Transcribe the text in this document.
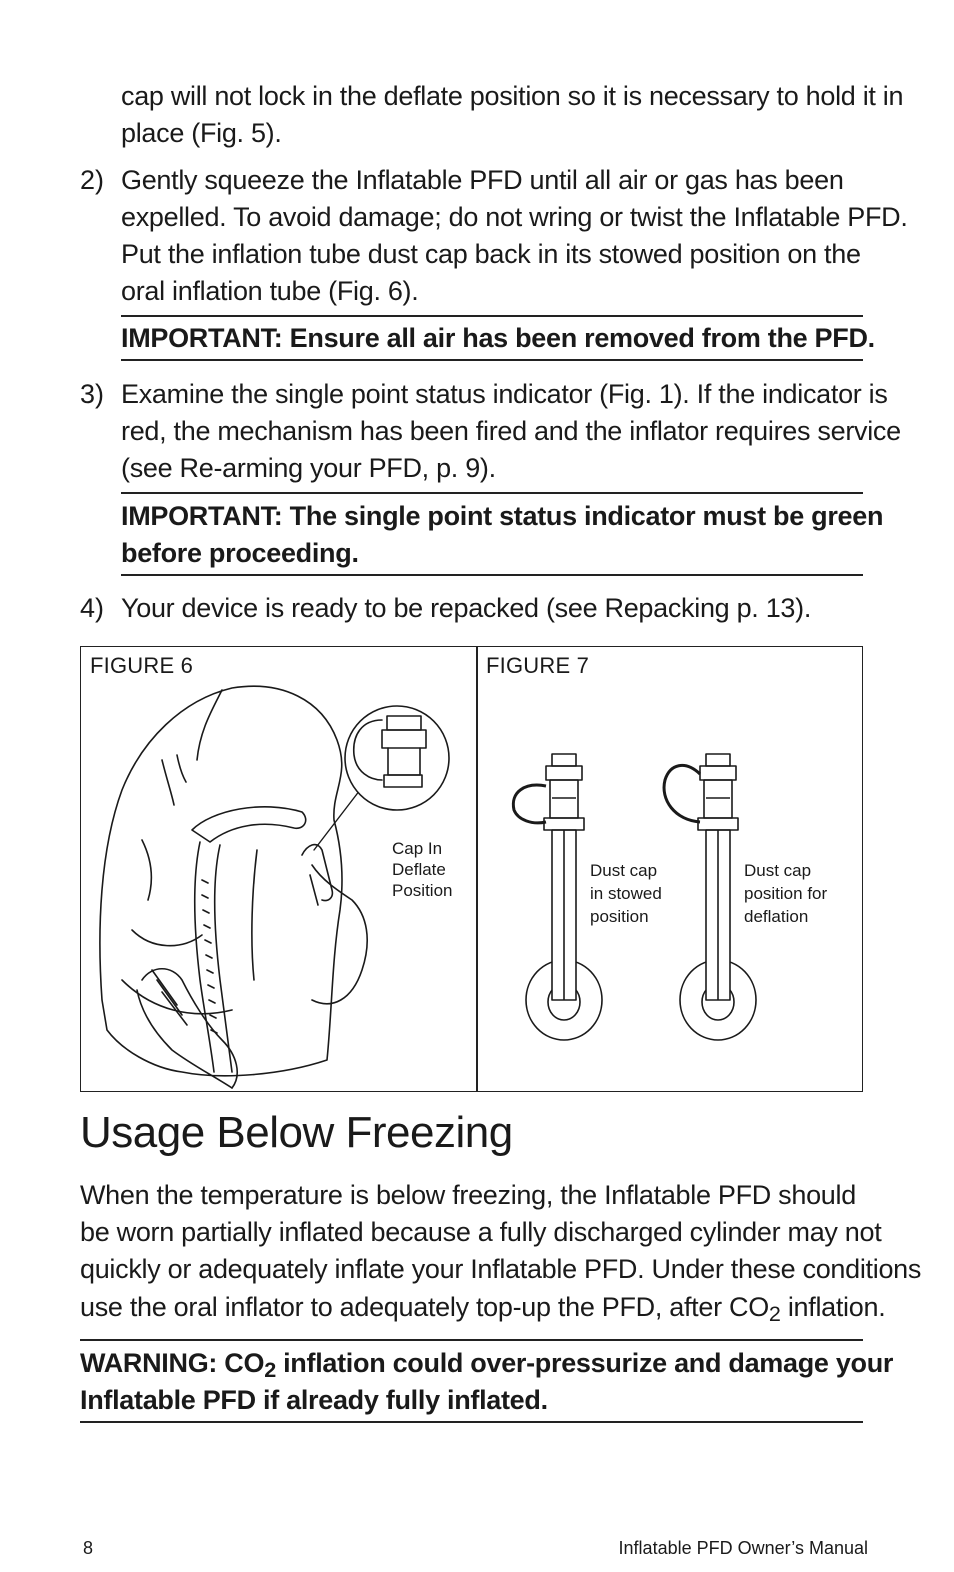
cap will not lock in the deflate position so it is necessary to hold it in
place (Fig. 5).
2) Gently squeeze the Inflatable PFD until all air or gas has been
expelled. To avoid damage; do not wring or twist the Inflatable PFD.
Put the inflation tube dust cap back in its stowed position on the
oral inflation tube (Fig. 6).
IMPORTANT: Ensure all air has been removed from the PFD.
3) Examine the single point status indicator (Fig. 1). If the indicator is
red, the mechanism has been fired and the inflator requires service
(see Re-arming your PFD, p. 9).
IMPORTANT: The single point status indicator must be green
before proceeding.
4) Your device is ready to be repacked (see Repacking p. 13).
FIGURE 6
Cap In
Deflate
Position
FIGURE 7
Dust cap
in stowed
position
Dust cap
position for
deflation
Usage Below Freezing
When the temperature is below freezing, the Inflatable PFD should
be worn partially inflated because a fully discharged cylinder may not
quickly or adequately inflate your Inflatable PFD. Under these conditions
use the oral inflator to adequately top-up the PFD, after $CO_2$ inflation.
WARNING: $CO_2$ inflation could over-pressurize and damage your
Inflatable PFD if already fully inflated.
8	Inflatable PFD Owner’s Manual
